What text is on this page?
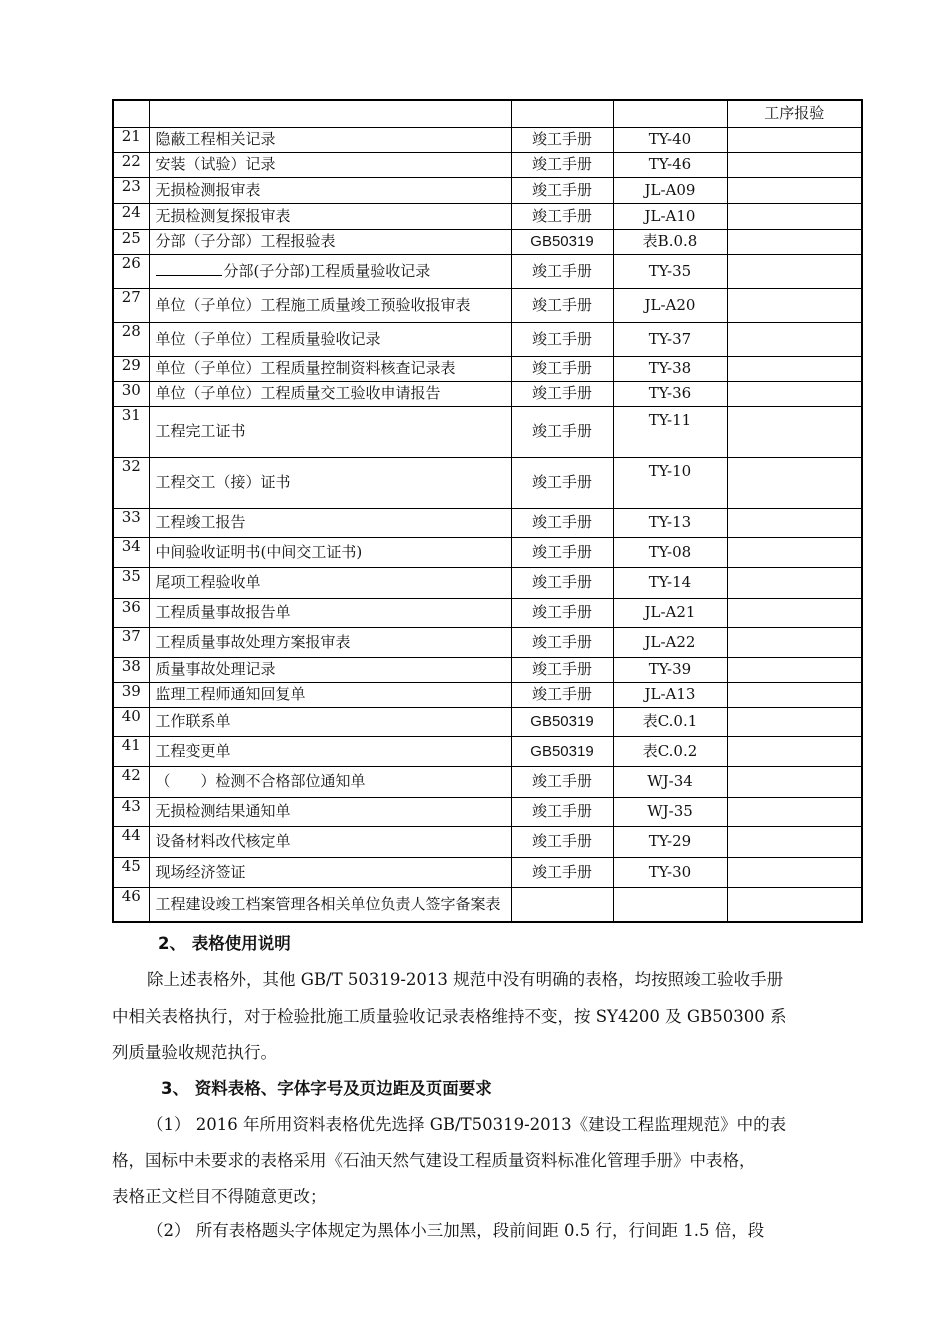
				工序报验
21	隐蔽工程相关记录	竣工手册	TY-40	
22	安装（试验）记录	竣工手册	TY-46	
23	无损检测报审表	竣工手册	JL-A09	
24	无损检测复探报审表	竣工手册	JL-A10	
25	分部（子分部）工程报验表	GB50319	表B.0.8	
26	分部(子分部)工程质量验收记录	竣工手册	TY-35	
27	单位（子单位）工程施工质量竣工预验收报审表	竣工手册	JL-A20	
28	单位（子单位）工程质量验收记录	竣工手册	TY-37	
29	单位（子单位）工程质量控制资料核查记录表	竣工手册	TY-38	
30	单位（子单位）工程质量交工验收申请报告	竣工手册	TY-36	
31	工程完工证书	竣工手册	TY-11	
32	工程交工（接）证书	竣工手册	TY-10	
33	工程竣工报告	竣工手册	TY-13	
34	中间验收证明书(中间交工证书)	竣工手册	TY-08	
35	尾项工程验收单	竣工手册	TY-14	
36	工程质量事故报告单	竣工手册	JL-A21	
37	工程质量事故处理方案报审表	竣工手册	JL-A22	
38	质量事故处理记录	竣工手册	TY-39	
39	监理工程师通知回复单	竣工手册	JL-A13	
40	工作联系单	GB50319	表C.0.1	
41	工程变更单	GB50319	表C.0.2	
42	（　　）检测不合格部位通知单	竣工手册	WJ-34	
43	无损检测结果通知单	竣工手册	WJ-35	
44	设备材料改代核定单	竣工手册	TY-29	
45	现场经济签证	竣工手册	TY-30	
46	工程建设竣工档案管理各相关单位负责人签字备案表			
2、 表格使用说明
除上述表格外，其他 GB/T 50319-2013 规范中没有明确的表格，均按照竣工验收手册
中相关表格执行，对于检验批施工质量验收记录表格维持不变，按 SY4200 及 GB50300 系
列质量验收规范执行。
3、 资料表格、字体字号及页边距及页面要求
（1） 2016 年所用资料表格优先选择 GB/T50319-2013《建设工程监理规范》中的表
格，国标中未要求的表格采用《石油天然气建设工程质量资料标准化管理手册》中表格，
表格正文栏目不得随意更改；
（2） 所有表格题头字体规定为黑体小三加黑，段前间距 0.5 行，行间距 1.5 倍，段
